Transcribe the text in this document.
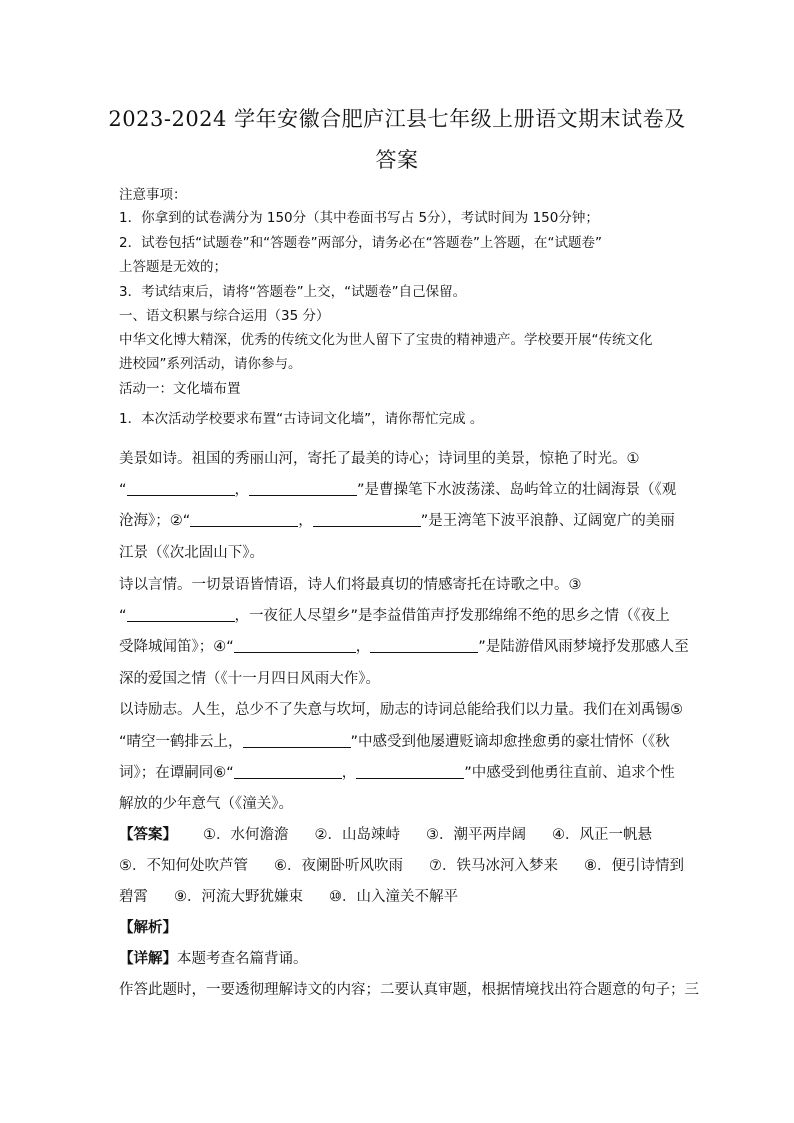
2023-2024 学年安徽合肥庐江县七年级上册语文期末试卷及
答案
注意事项：
1．你拿到的试卷满分为 150分（其中卷面书写占 5分），考试时间为 150分钟；
2．试卷包括“试题卷”和“答题卷”两部分，请务必在“答题卷”上答题，在“试题卷”
上答题是无效的；
3．考试结束后，请将“答题卷”上交，“试题卷”自己保留。
一、语文积累与综合运用（35 分）
中华文化博大精深，优秀的传统文化为世人留下了宝贵的精神遗产。学校要开展“传统文化
进校园”系列活动，请你参与。
活动一：文化墙布置
1．本次活动学校要求布置“古诗词文化墙”，请你帮忙完成 。
美景如诗。祖国的秀丽山河，寄托了最美的诗心；诗词里的美景，惊艳了时光。①
“	，	”是曹操笔下水波荡漾、岛屿耸立的壮阔海景（《观
沧海》；②“	，	”是王湾笔下波平浪静、辽阔宽广的美丽
江景（《次北固山下》。
诗以言情。一切景语皆情语，诗人们将最真切的情感寄托在诗歌之中。③
“	，一夜征人尽望乡”是李益借笛声抒发那绵绵不绝的思乡之情（《夜上
受降城闻笛》；④“	，	”是陆游借风雨梦境抒发那感人至
深的爱国之情（《十一月四日风雨大作》。
以诗励志。人生，总少不了失意与坎坷，励志的诗词总能给我们以力量。我们在刘禹锡⑤
“晴空一鹤排云上，	”中感受到他屡遭贬谪却愈挫愈勇的豪壮情怀（《秋
词》；在谭嗣同⑥“	，	”中感受到他勇往直前、追求个性
解放的少年意气（《潼关》。
【答案】 ①．水何澹澹 ②．山岛竦峙 ③．潮平两岸阔 ④．风正一帆悬
⑤．不知何处吹芦管 ⑥．夜阑卧听风吹雨 ⑦．铁马冰河入梦来 ⑧．便引诗情到
碧霄 ⑨．河流大野犹嫌束 ⑩．山入潼关不解平
【解析】
【详解】本题考查名篇背诵。
作答此题时，一要透彻理解诗文的内容；二要认真审题，根据情境找出符合题意的句子；三
